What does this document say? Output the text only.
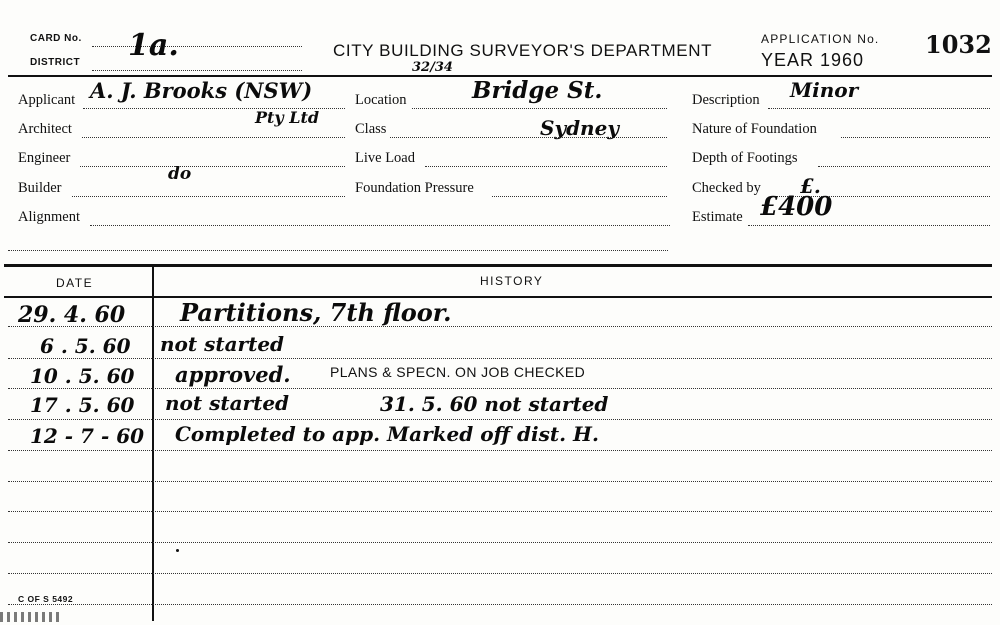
CARD No. 1a.
DISTRICT
CITY BUILDING SURVEYOR'S DEPARTMENT
APPLICATION No.
YEAR 1960
1032
Applicant A. J. Brooks (NSW)
Pty Ltd
Architect
Engineer
Builder
do
Alignment
Location
32/34
Bridge St.
Class	Sydney
Live Load
Foundation Pressure
Description Minor
Nature of Foundation
Depth of Footings
Checked by £.
Estimate £400
DATE	HISTORY
29. 4. 60 Partitions, 7th floor.
6 . 5. 60 not started
10 . 5. 60 approved.	PLANS & SPECN. ON JOB CHECKED
17 . 5. 60 not started	31. 5. 60 not started
12 - 7 - 60 Completed to app. Marked off dist. H.
C OF S 5492
